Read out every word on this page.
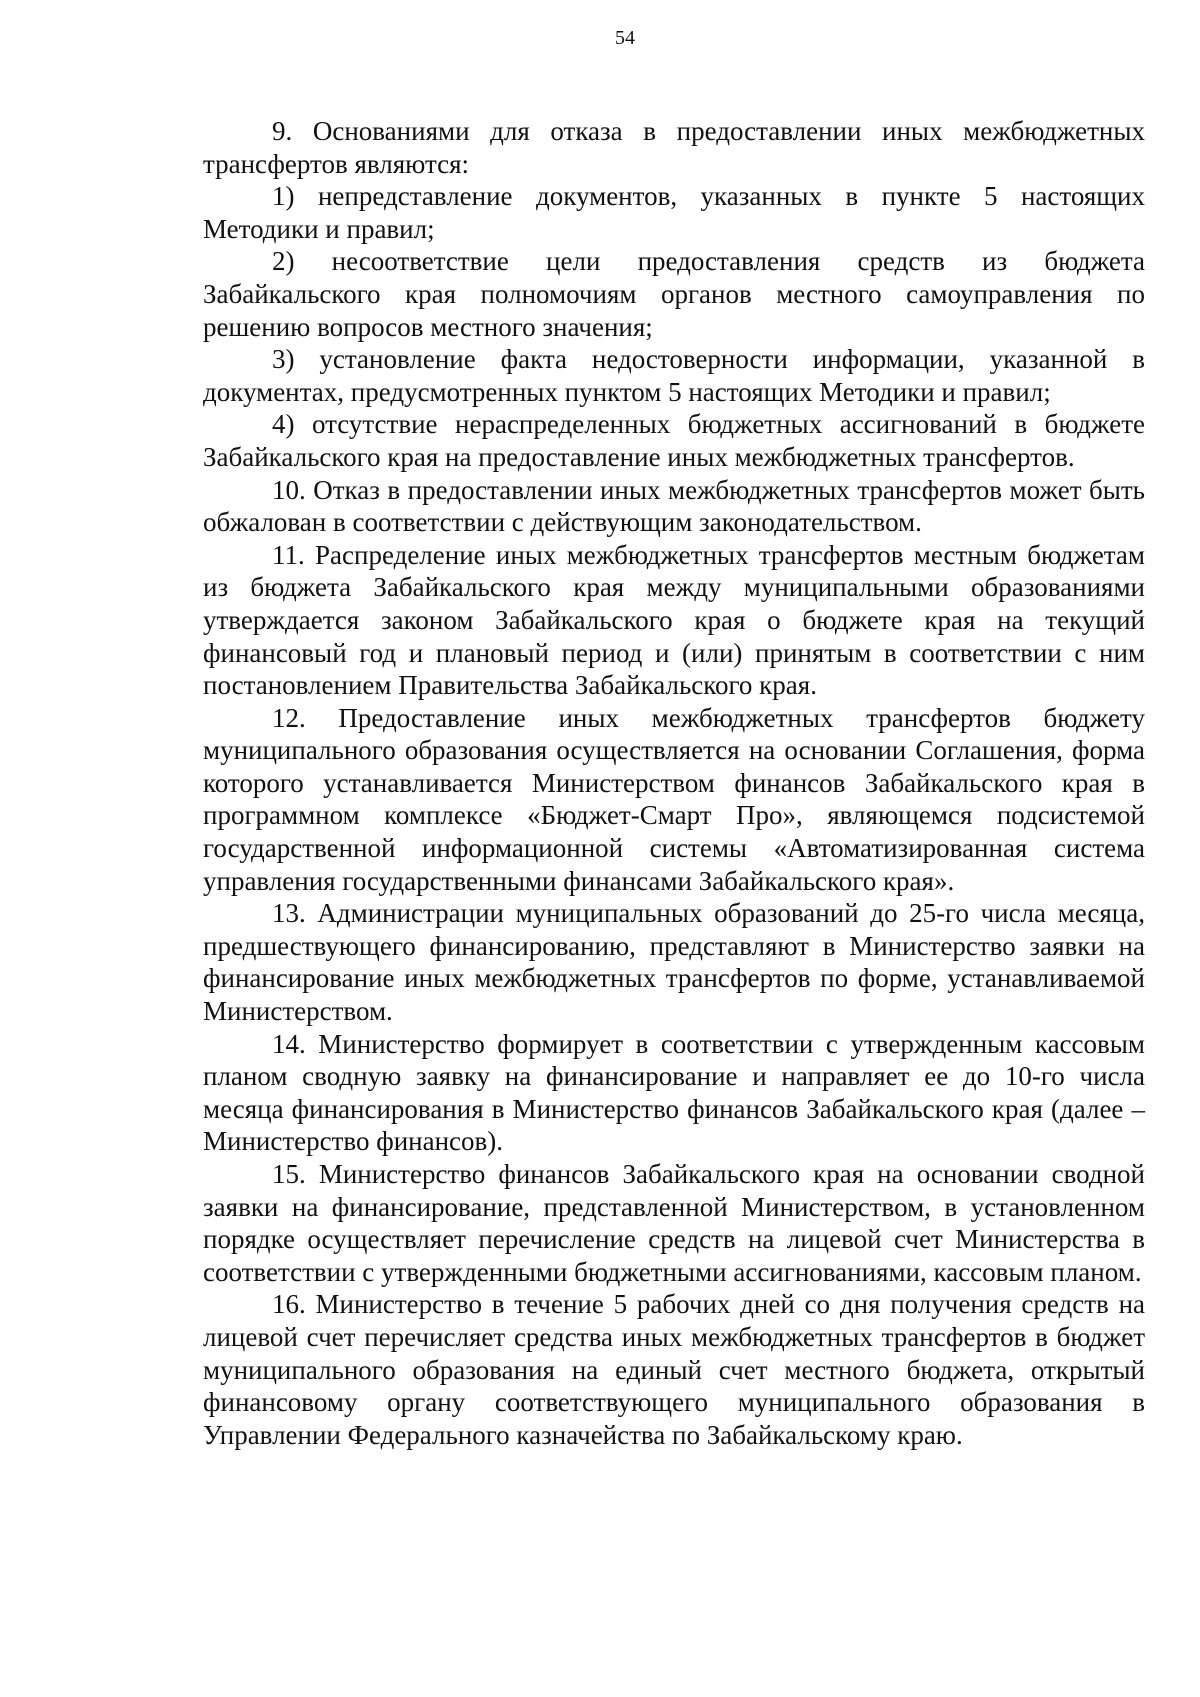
54

9. Основаниями для отказа в предоставлении иных межбюджетных трансфертов являются:

1) непредставление документов, указанных в пункте 5 настоящих Методики и правил;

2) несоответствие цели предоставления средств из бюджета Забайкальского края полномочиям органов местного самоуправления по решению вопросов местного значения;

3) установление факта недостоверности информации, указанной в документах, предусмотренных пунктом 5 настоящих Методики и правил;

4) отсутствие нераспределенных бюджетных ассигнований в бюджете Забайкальского края на предоставление иных межбюджетных трансфертов.

10. Отказ в предоставлении иных межбюджетных трансфертов может быть обжалован в соответствии с действующим законодательством.

11. Распределение иных межбюджетных трансфертов местным бюджетам из бюджета Забайкальского края между муниципальными образованиями утверждается законом Забайкальского края о бюджете края на текущий финансовый год и плановый период и (или) принятым в соответствии с ним постановлением Правительства Забайкальского края.

12. Предоставление иных межбюджетных трансфертов бюджету муниципального образования осуществляется на основании Соглашения, форма которого устанавливается Министерством финансов Забайкальского края в программном комплексе «Бюджет-Смарт Про», являющемся подсистемой государственной информационной системы «Автоматизированная система управления государственными финансами Забайкальского края».

13. Администрации муниципальных образований до 25-го числа месяца, предшествующего финансированию, представляют в Министерство заявки на финансирование иных межбюджетных трансфертов по форме, устанавливаемой Министерством.

14. Министерство формирует в соответствии с утвержденным кассовым планом сводную заявку на финансирование и направляет ее до 10-го числа месяца финансирования в Министерство финансов Забайкальского края (далее – Министерство финансов).

15. Министерство финансов Забайкальского края на основании сводной заявки на финансирование, представленной Министерством, в установленном порядке осуществляет перечисление средств на лицевой счет Министерства в соответствии с утвержденными бюджетными ассигнованиями, кассовым планом.

16. Министерство в течение 5 рабочих дней со дня получения средств на лицевой счет перечисляет средства иных межбюджетных трансфертов в бюджет муниципального образования на единый счет местного бюджета, открытый финансовому органу соответствующего муниципального образования в Управлении Федерального казначейства по Забайкальскому краю.
